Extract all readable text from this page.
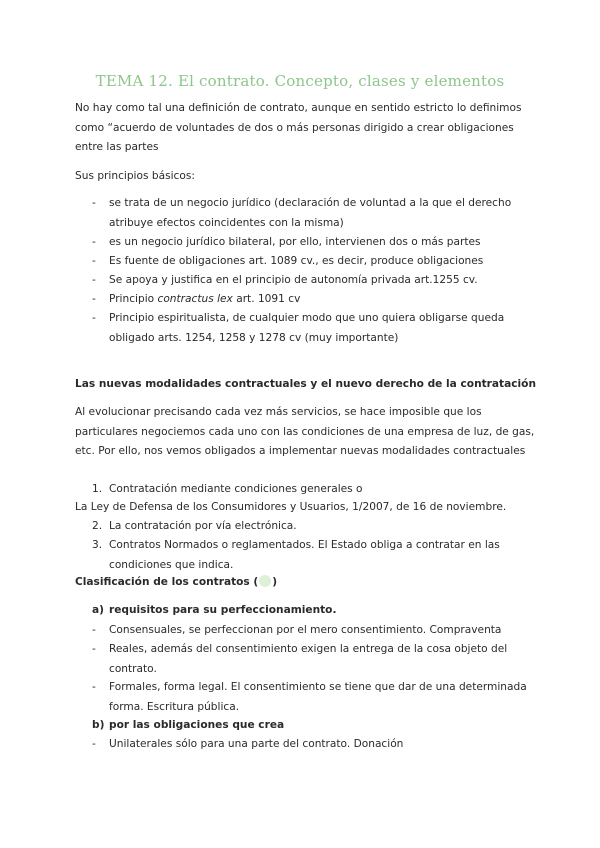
TEMA 12. El contrato. Concepto, clases y elementos
No hay como tal una definición de contrato, aunque en sentido estricto lo definimos como “acuerdo de voluntades de dos o más personas dirigido a crear obligaciones entre las partes
Sus principios básicos:
- se trata de un negocio jurídico (declaración de voluntad a la que el derecho atribuye efectos coincidentes con la misma)
- es un negocio jurídico bilateral, por ello, intervienen dos o más partes
- Es fuente de obligaciones art. 1089 cv., es decir, produce obligaciones
- Se apoya y justifica en el principio de autonomía privada art.1255 cv.
- Principio contractus lex art. 1091 cv
- Principio espiritualista, de cualquier modo que uno quiera obligarse queda obligado arts. 1254, 1258 y 1278 cv (muy importante)
Las nuevas modalidades contractuales y el nuevo derecho de la contratación
Al evolucionar precisando cada vez más servicios, se hace imposible que los particulares negociemos cada uno con las condiciones de una empresa de luz, de gas, etc. Por ello, nos vemos obligados a implementar nuevas modalidades contractuales
1. Contratación mediante condiciones generales o
La Ley de Defensa de los Consumidores y Usuarios, 1/2007, de 16 de noviembre.
2. La contratación por vía electrónica.
3. Contratos Normados o reglamentados. El Estado obliga a contratar en las condiciones que indica.
Clasificación de los contratos ( )
a) requisitos para su perfeccionamiento.
- Consensuales, se perfeccionan por el mero consentimiento. Compraventa
- Reales, además del consentimiento exigen la entrega de la cosa objeto del contrato.
- Formales, forma legal. El consentimiento se tiene que dar de una determinada forma. Escritura pública.
b) por las obligaciones que crea
- Unilaterales sólo para una parte del contrato. Donación
